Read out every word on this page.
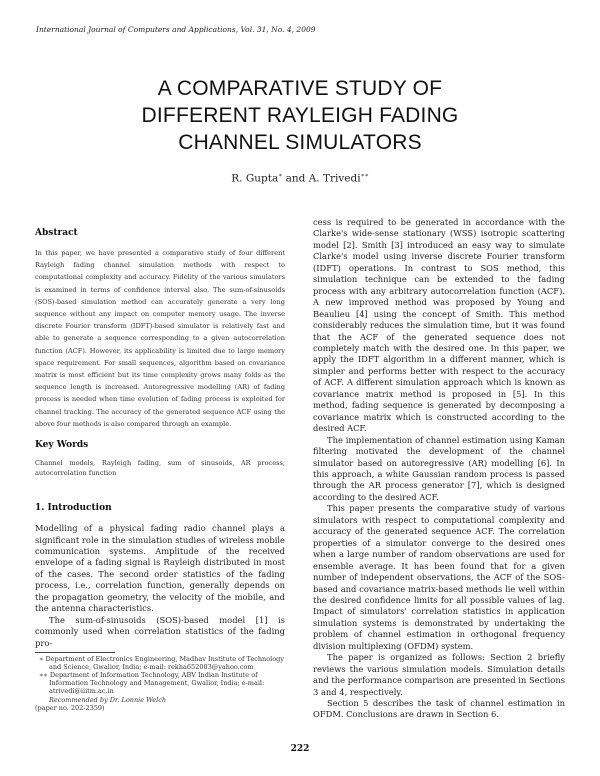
International Journal of Computers and Applications, Vol. 31, No. 4, 2009
A COMPARATIVE STUDY OF
DIFFERENT RAYLEIGH FADING
CHANNEL SIMULATORS
R. Gupta∗ and A. Trivedi∗∗
Abstract

In this paper, we have presented a comparative study of four different Rayleigh fading channel simulation methods with respect to computational complexity and accuracy. Fidelity of the various simulators is examined in terms of confidence interval also. The sum-of-sinusoids (SOS)-based simulation method can accurately generate a very long sequence without any impact on computer memory usage. The inverse discrete Fourier transform (IDFT)-based simulator is relatively fast and able to generate a sequence corresponding to a given autocorrelation function (ACF). However, its applicability is limited due to large memory space requirement. For small sequences, algorithm based on covariance matrix is most efficient but its time complexity grows many folds as the sequence length is increased. Autoregressive modelling (AR) of fading process is needed when time evolution of fading process is exploited for channel tracking. The accuracy of the generated sequence ACF using the above four methods is also compared through an example.

Key Words

Channel models, Rayleigh fading, sum of sinusoids, AR process, autocorrelation function

1. Introduction

Modelling of a physical fading radio channel plays a significant role in the simulation studies of wireless mobile communication systems. Amplitude of the received envelope of a fading signal is Rayleigh distributed in most of the cases. The second order statistics of the fading process, i.e., correlation function, generally depends on the propagation geometry, the velocity of the mobile, and the antenna characteristics.

The sum-of-sinusoids (SOS)-based model [1] is commonly used when correlation statistics of the fading pro-

∗ Department of Electronics Engineering, Madhav Institute of Technology and Science, Gwalior, India; e-mail: rekha652003@yahoo.com

∗∗ Department of Information Technology, ABV Indian Institute of Information Technology and Management, Gwalior, India; e-mail: atrivedi@iiitm.ac.in

Recommended by Dr. Lonnie Welch

(paper no. 202-2359)

cess is required to be generated in accordance with the Clarke's wide-sense stationary (WSS) isotropic scattering model [2]. Smith [3] introduced an easy way to simulate Clarke's model using inverse discrete Fourier transform (IDFT) operations. In contrast to SOS method, this simulation technique can be extended to the fading process with any arbitrary autocorrelation function (ACF). A new improved method was proposed by Young and Beaulieu [4] using the concept of Smith. This method considerably reduces the simulation time, but it was found that the ACF of the generated sequence does not completely match with the desired one. In this paper, we apply the IDFT algorithm in a different manner, which is simpler and performs better with respect to the accuracy of ACF. A different simulation approach which is known as covariance matrix method is proposed in [5]. In this method, fading sequence is generated by decomposing a covariance matrix which is constructed according to the desired ACF.

The implementation of channel estimation using Kaman filtering motivated the development of the channel simulator based on autoregressive (AR) modelling [6]. In this approach, a white Gaussian random process is passed through the AR process generator [7], which is designed according to the desired ACF.

This paper presents the comparative study of various simulators with respect to computational complexity and accuracy of the generated sequence ACF. The correlation properties of a simulator converge to the desired ones when a large number of random observations are used for ensemble average. It has been found that for a given number of independent observations, the ACF of the SOS-based and covariance matrix-based methods lie well within the desired confidence limits for all possible values of lag. Impact of simulators' correlation statistics in application simulation systems is demonstrated by undertaking the problem of channel estimation in orthogonal frequency division multiplexing (OFDM) system.

The paper is organized as follows: Section 2 briefly reviews the various simulation models. Simulation details and the performance comparison are presented in Sections 3 and 4, respectively.

Section 5 describes the task of channel estimation in OFDM. Conclusions are drawn in Section 6.

222
